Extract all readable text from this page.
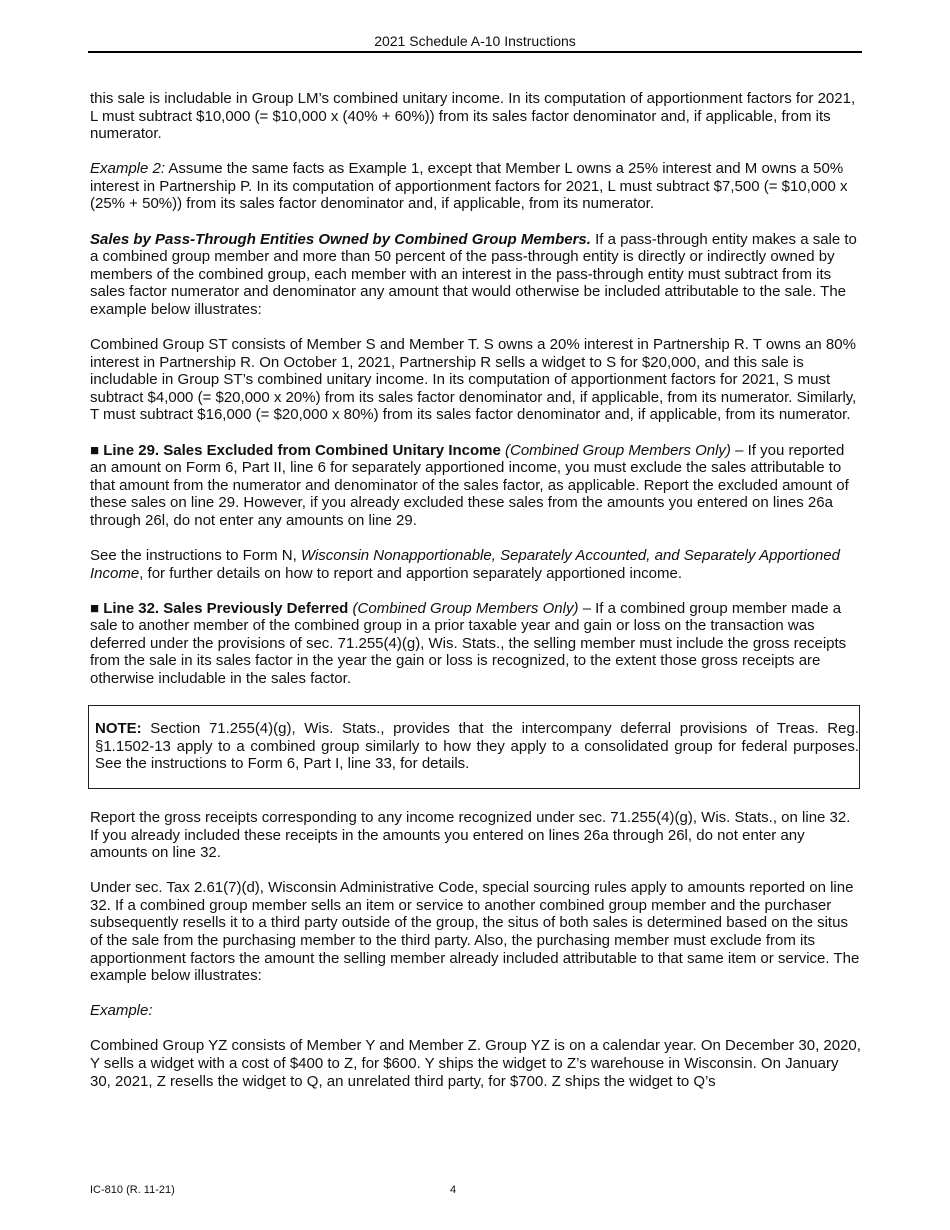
2021 Schedule A-10 Instructions

this sale is includable in Group LM’s combined unitary income. In its computation of apportionment factors for 2021, L must subtract $10,000 (= $10,000 x (40% + 60%)) from its sales factor denominator and, if applicable, from its numerator.

Example 2: Assume the same facts as Example 1, except that Member L owns a 25% interest and M owns a 50% interest in Partnership P. In its computation of apportionment factors for 2021, L must subtract $7,500 (= $10,000 x (25% + 50%)) from its sales factor denominator and, if applicable, from its numerator.

Sales by Pass-Through Entities Owned by Combined Group Members. If a pass-through entity makes a sale to a combined group member and more than 50 percent of the pass-through entity is directly or indirectly owned by members of the combined group, each member with an interest in the pass-through entity must subtract from its sales factor numerator and denominator any amount that would otherwise be included attributable to the sale. The example below illustrates:

Combined Group ST consists of Member S and Member T. S owns a 20% interest in Partnership R. T owns an 80% interest in Partnership R. On October 1, 2021, Partnership R sells a widget to S for $20,000, and this sale is includable in Group ST’s combined unitary income. In its computation of apportionment factors for 2021, S must subtract $4,000 (= $20,000 x 20%) from its sales factor denominator and, if applicable, from its numerator. Similarly, T must subtract $16,000 (= $20,000 x 80%) from its sales factor denominator and, if applicable, from its numerator.

■ Line 29. Sales Excluded from Combined Unitary Income (Combined Group Members Only) – If you reported an amount on Form 6, Part II, line 6 for separately apportioned income, you must exclude the sales attributable to that amount from the numerator and denominator of the sales factor, as applicable. Report the excluded amount of these sales on line 29. However, if you already excluded these sales from the amounts you entered on lines 26a through 26l, do not enter any amounts on line 29.

See the instructions to Form N, Wisconsin Nonapportionable, Separately Accounted, and Separately Apportioned Income, for further details on how to report and apportion separately apportioned income.

■ Line 32. Sales Previously Deferred (Combined Group Members Only) – If a combined group member made a sale to another member of the combined group in a prior taxable year and gain or loss on the transaction was deferred under the provisions of sec. 71.255(4)(g), Wis. Stats., the selling member must include the gross receipts from the sale in its sales factor in the year the gain or loss is recognized, to the extent those gross receipts are otherwise includable in the sales factor.

NOTE: Section 71.255(4)(g), Wis. Stats., provides that the intercompany deferral provisions of Treas. Reg. §1.1502-13 apply to a combined group similarly to how they apply to a consolidated group for federal purposes. See the instructions to Form 6, Part I, line 33, for details.

Report the gross receipts corresponding to any income recognized under sec. 71.255(4)(g), Wis. Stats., on line 32. If you already included these receipts in the amounts you entered on lines 26a through 26l, do not enter any amounts on line 32.

Under sec. Tax 2.61(7)(d), Wisconsin Administrative Code, special sourcing rules apply to amounts reported on line 32. If a combined group member sells an item or service to another combined group member and the purchaser subsequently resells it to a third party outside of the group, the situs of both sales is determined based on the situs of the sale from the purchasing member to the third party. Also, the purchasing member must exclude from its apportionment factors the amount the selling member already included attributable to that same item or service. The example below illustrates:

Example:

Combined Group YZ consists of Member Y and Member Z. Group YZ is on a calendar year. On December 30, 2020, Y sells a widget with a cost of $400 to Z, for $600. Y ships the widget to Z’s warehouse in Wisconsin. On January 30, 2021, Z resells the widget to Q, an unrelated third party, for $700. Z ships the widget to Q’s

IC-810 (R. 11-21)	4
